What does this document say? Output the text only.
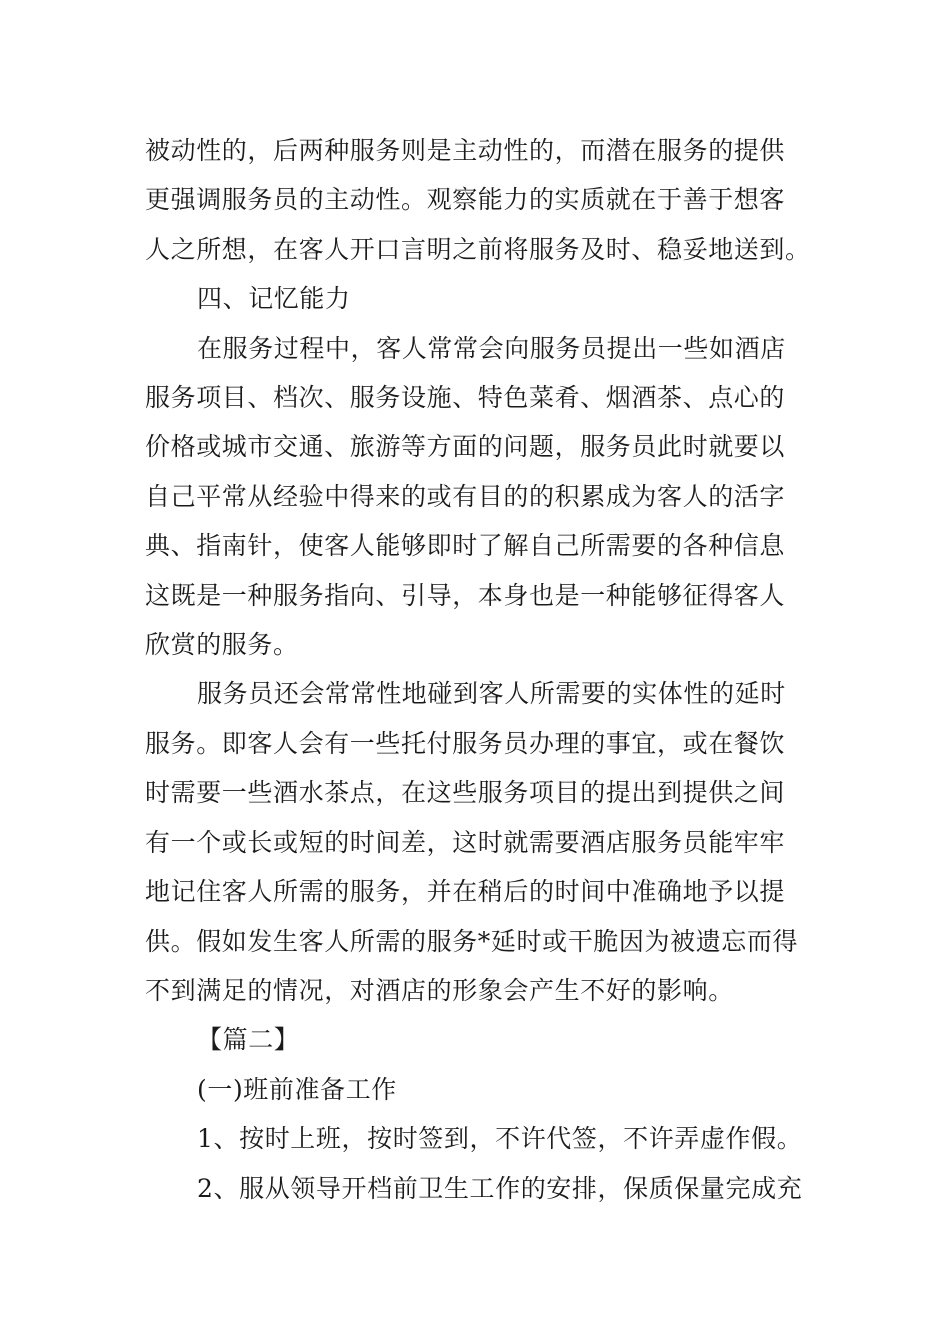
被动性的，后两种服务则是主动性的，而潜在服务的提供
更强调服务员的主动性。观察能力的实质就在于善于想客
人之所想，在客人开口言明之前将服务及时、稳妥地送到。

四、记忆能力

在服务过程中，客人常常会向服务员提出一些如酒店
服务项目、档次、服务设施、特色菜肴、烟酒茶、点心的
价格或城市交通、旅游等方面的问题，服务员此时就要以
自己平常从经验中得来的或有目的的积累成为客人的活字
典、指南针，使客人能够即时了解自己所需要的各种信息
这既是一种服务指向、引导，本身也是一种能够征得客人
欣赏的服务。

服务员还会常常性地碰到客人所需要的实体性的延时
服务。即客人会有一些托付服务员办理的事宜，或在餐饮
时需要一些酒水茶点，在这些服务项目的提出到提供之间
有一个或长或短的时间差，这时就需要酒店服务员能牢牢
地记住客人所需的服务，并在稍后的时间中准确地予以提
供。假如发生客人所需的服务*延时或干脆因为被遗忘而得
不到满足的情况，对酒店的形象会产生不好的影响。

【篇二】

(一)班前准备工作

1、按时上班，按时签到，不许代签，不许弄虚作假。

2、服从领导开档前卫生工作的安排，保质保量完成充
